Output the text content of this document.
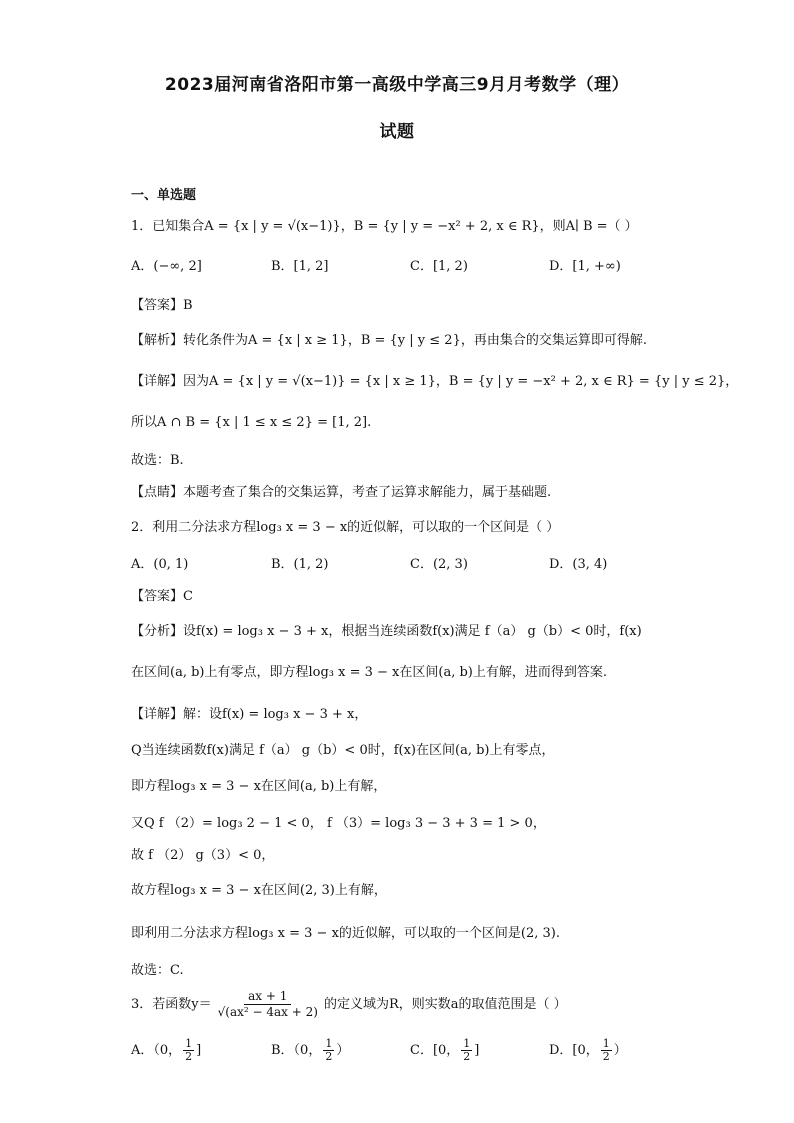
2023届河南省洛阳市第一高级中学高三9月月考数学（理）
试题
一、单选题
1．已知集合A = {x | y = √(x−1)}，B = {y | y = −x² + 2, x ∈ R}，则A∣ B =（ ）
A．(−∞, 2]	B．[1, 2]	C．[1, 2)	D．[1, +∞)
【答案】B
【解析】转化条件为A = {x | x ≥ 1}，B = {y | y ≤ 2}，再由集合的交集运算即可得解.
【详解】因为A = {x | y = √(x−1)} = {x | x ≥ 1}，B = {y | y = −x² + 2, x ∈ R} = {y | y ≤ 2}，
所以A ∩ B = {x | 1 ≤ x ≤ 2} = [1, 2].
故选：B.
【点睛】本题考查了集合的交集运算，考查了运算求解能力，属于基础题.
2．利用二分法求方程log₃ x = 3 − x的近似解，可以取的一个区间是（ ）
A．(0, 1)	B．(1, 2)	C．(2, 3)	D．(3, 4)
【答案】C
【分析】设f(x) = log₃ x − 3 + x，根据当连续函数f(x)满足 f（a） g（b）< 0时，f(x)
在区间(a, b)上有零点，即方程log₃ x = 3 − x在区间(a, b)上有解，进而得到答案.
【详解】解：设f(x) = log₃ x − 3 + x，
Q当连续函数f(x)满足 f（a） g（b）< 0时，f(x)在区间(a, b)上有零点，
即方程log₃ x = 3 − x在区间(a, b)上有解，
又Q f （2）= log₃ 2 − 1 < 0， f （3）= log₃ 3 − 3 + 3 = 1 > 0，
故 f （2） g（3）< 0，
故方程log₃ x = 3 − x在区间(2, 3)上有解，
即利用二分法求方程log₃ x = 3 − x的近似解，可以取的一个区间是(2, 3).
故选：C.
3．若函数$y= \frac{ax + 1}{\text{√(ax² − 4ax + 2)}}$ 的定义域为R，则实数a的取值范围是（ ）
A．（0， $\frac{1}{2}$ ]	B．（0， $\frac{1}{2}$ ）	C．[0， $\frac{1}{2}$ ]	D．[0， $\frac{1}{2}$ ）
